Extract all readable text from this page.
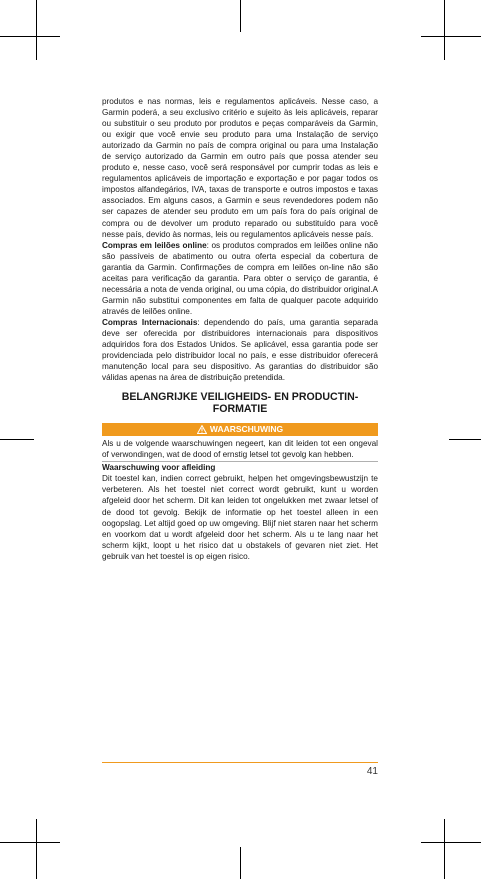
produtos e nas normas, leis e regulamentos aplicáveis. Nesse caso, a Garmin poderá, a seu exclusivo critério e sujeito às leis aplicáveis, reparar ou substituir o seu produto por produtos e peças comparáveis da Garmin, ou exigir que você envie seu produto para uma Instalação de serviço autorizado da Garmin no país de compra original ou para uma Instalação de serviço autorizado da Garmin em outro país que possa atender seu produto e, nesse caso, você será responsável por cumprir todas as leis e regulamentos aplicáveis de importação e exportação e por pagar todos os impostos alfandegários, IVA, taxas de transporte e outros impostos e taxas associados. Em alguns casos, a Garmin e seus revendedores podem não ser capazes de atender seu produto em um país fora do país original de compra ou de devolver um produto reparado ou substituído para você nesse país, devido às normas, leis ou regulamentos aplicáveis nesse país.

Compras em leilões online: os produtos comprados em leilões online não são passíveis de abatimento ou outra oferta especial da cobertura de garantia da Garmin. Confirmações de compra em leilões on-line não são aceitas para verificação da garantia. Para obter o serviço de garantia, é necessária a nota de venda original, ou uma cópia, do distribuidor original.A Garmin não substitui componentes em falta de qualquer pacote adquirido através de leilões online.

Compras Internacionais: dependendo do país, uma garantia separada deve ser oferecida por distribuidores internacionais para dispositivos adquiridos fora dos Estados Unidos. Se aplicável, essa garantia pode ser providenciada pelo distribuidor local no país, e esse distribuidor oferecerá manutenção local para seu dispositivo. As garantias do distribuidor são válidas apenas na área de distribuição pretendida.

BELANGRIJKE VEILIGHEIDS- EN PRODUCTINFORMATIE
WAARSCHUWING

Als u de volgende waarschuwingen negeert, kan dit leiden tot een ongeval of verwondingen, wat de dood of ernstig letsel tot gevolg kan hebben.

Waarschuwing voor afleiding

Dit toestel kan, indien correct gebruikt, helpen het omgevingsbewustzijn te verbeteren. Als het toestel niet correct wordt gebruikt, kunt u worden afgeleid door het scherm. Dit kan leiden tot ongelukken met zwaar letsel of de dood tot gevolg. Bekijk de informatie op het toestel alleen in een oogopslag. Let altijd goed op uw omgeving. Blijf niet staren naar het scherm en voorkom dat u wordt afgeleid door het scherm. Als u te lang naar het scherm kijkt, loopt u het risico dat u obstakels of gevaren niet ziet. Het gebruik van het toestel is op eigen risico.

41
